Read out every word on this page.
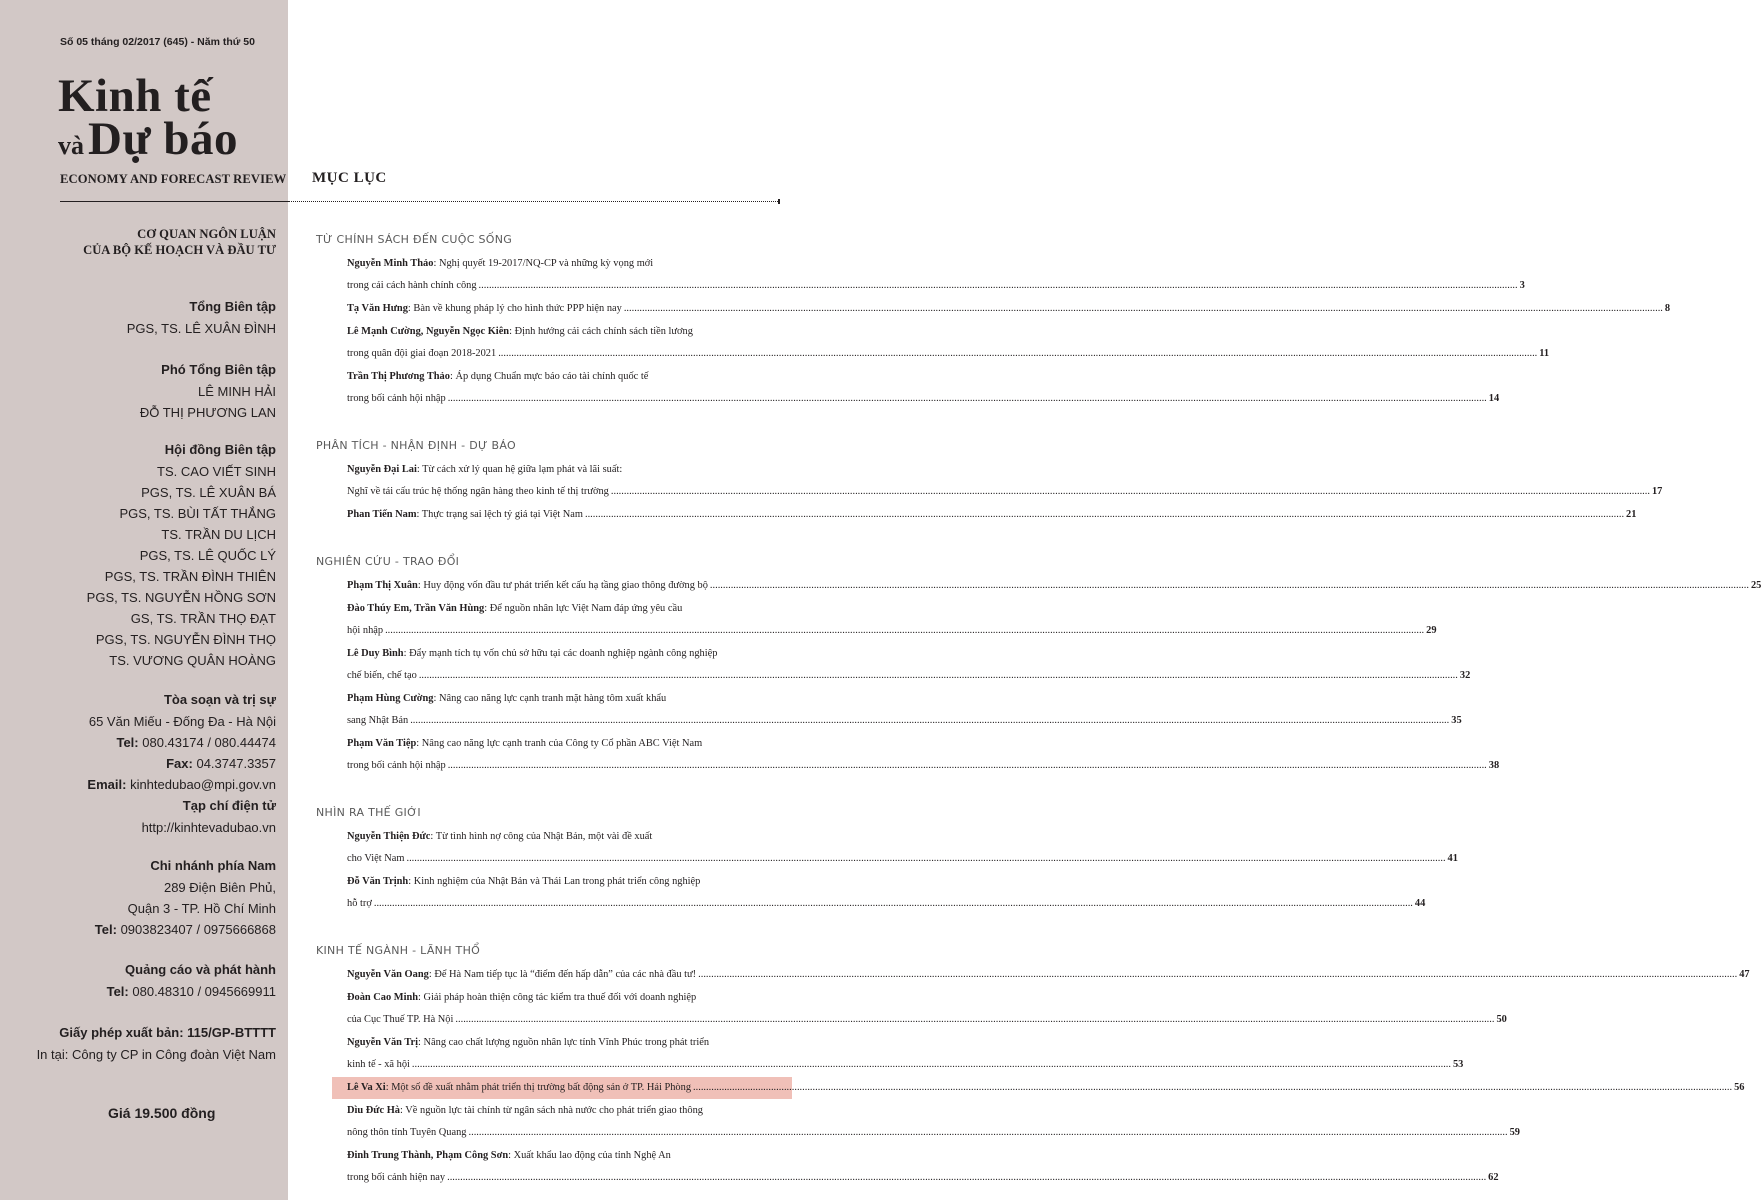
Số 05 tháng 02/2017 (645) - Năm thứ 50
Kinh tế
và Dự báo
ECONOMY AND FORECAST REVIEW
CƠ QUAN NGÔN LUẬN
CỦA BỘ KẾ HOẠCH VÀ ĐẦU TƯ
Tổng Biên tập
PGS, TS. LÊ XUÂN ĐÌNH
Phó Tổng Biên tập
LÊ MINH HẢI
ĐỖ THỊ PHƯƠNG LAN
Hội đồng Biên tập
TS. CAO VIẾT SINH
PGS, TS. LÊ XUÂN BÁ
PGS, TS. BÙI TẤT THẮNG
TS. TRẦN DU LỊCH
PGS, TS. LÊ QUỐC LÝ
PGS, TS. TRẦN ĐÌNH THIÊN
PGS, TS. NGUYỄN HỒNG SƠN
GS, TS. TRẦN THỌ ĐẠT
PGS, TS. NGUYỄN ĐÌNH THỌ
TS. VƯƠNG QUÂN HOÀNG
Tòa soạn và trị sự
65 Văn Miếu - Đống Đa - Hà Nội
Tel: 080.43174 / 080.44474
Fax: 04.3747.3357
Email: kinhtedubao@mpi.gov.vn
Tạp chí điện tử
http://kinhtevadubao.vn
Chi nhánh phía Nam
289 Điện Biên Phủ,
Quận 3 - TP. Hồ Chí Minh
Tel: 0903823407 / 0975666868
Quảng cáo và phát hành
Tel: 080.48310 / 0945669911
Giấy phép xuất bản: 115/GP-BTTTT
In tại: Công ty CP in Công đoàn Việt Nam
Giá 19.500 đồng
MỤC LỤC
TỪ CHÍNH SÁCH ĐẾN CUỘC SỐNG
Nguyễn Minh Thảo: Nghị quyết 19-2017/NQ-CP và những kỳ vọng mới
trong cải cách hành chính công ................................................................................................................................................................................................................................................................................................................................................................................................................ 3
Tạ Văn Hưng: Bàn về khung pháp lý cho hình thức PPP hiện nay ................................................................................................................................................................................................................................................................................................................................................................................................................ 8
Lê Mạnh Cường, Nguyễn Ngọc Kiên: Định hướng cải cách chính sách tiền lương
trong quân đội giai đoạn 2018-2021 ................................................................................................................................................................................................................................................................................................................................................................................................................ 11
Trần Thị Phương Thảo: Áp dụng Chuẩn mực báo cáo tài chính quốc tế
trong bối cảnh hội nhập ................................................................................................................................................................................................................................................................................................................................................................................................................ 14
PHÂN TÍCH - NHẬN ĐỊNH - DỰ BÁO
Nguyễn Đại Lai: Từ cách xử lý quan hệ giữa lạm phát và lãi suất:
Nghĩ về tái cấu trúc hệ thống ngân hàng theo kinh tế thị trường ................................................................................................................................................................................................................................................................................................................................................................................................................ 17
Phan Tiến Nam: Thực trạng sai lệch tỷ giá tại Việt Nam ................................................................................................................................................................................................................................................................................................................................................................................................................ 21
NGHIÊN CỨU - TRAO ĐỔI
Phạm Thị Xuân: Huy động vốn đầu tư phát triển kết cấu hạ tầng giao thông đường bộ ................................................................................................................................................................................................................................................................................................................................................................................................................ 25
Đào Thúy Em, Trần Văn Hùng: Để nguồn nhân lực Việt Nam đáp ứng yêu cầu
hội nhập ................................................................................................................................................................................................................................................................................................................................................................................................................ 29
Lê Duy Bình: Đẩy mạnh tích tụ vốn chủ sở hữu tại các doanh nghiệp ngành công nghiệp
chế biến, chế tạo ................................................................................................................................................................................................................................................................................................................................................................................................................ 32
Phạm Hùng Cường: Nâng cao năng lực cạnh tranh mặt hàng tôm xuất khẩu
sang Nhật Bản ................................................................................................................................................................................................................................................................................................................................................................................................................ 35
Phạm Văn Tiệp: Nâng cao năng lực cạnh tranh của Công ty Cổ phần ABC Việt Nam
trong bối cảnh hội nhập ................................................................................................................................................................................................................................................................................................................................................................................................................ 38
NHÌN RA THẾ GIỚI
Nguyễn Thiện Đức: Từ tình hình nợ công của Nhật Bản, một vài đề xuất
cho Việt Nam ................................................................................................................................................................................................................................................................................................................................................................................................................ 41
Đỗ Văn Trịnh: Kinh nghiệm của Nhật Bản và Thái Lan trong phát triển công nghiệp
hỗ trợ ................................................................................................................................................................................................................................................................................................................................................................................................................ 44
KINH TẾ NGÀNH - LÃNH THỔ
Nguyễn Văn Oang: Để Hà Nam tiếp tục là “điểm đến hấp dẫn” của các nhà đầu tư! ................................................................................................................................................................................................................................................................................................................................................................................................................ 47
Đoàn Cao Minh: Giải pháp hoàn thiện công tác kiểm tra thuế đối với doanh nghiệp
của Cục Thuế TP. Hà Nội ................................................................................................................................................................................................................................................................................................................................................................................................................ 50
Nguyễn Văn Trị: Nâng cao chất lượng nguồn nhân lực tỉnh Vĩnh Phúc trong phát triển
kinh tế - xã hội ................................................................................................................................................................................................................................................................................................................................................................................................................ 53
Lê Va Xi: Một số đề xuất nhằm phát triển thị trường bất động sản ở TP. Hải Phòng ................................................................................................................................................................................................................................................................................................................................................................................................................ 56
Dìu Đức Hà: Về nguồn lực tài chính từ ngân sách nhà nước cho phát triển giao thông
nông thôn tỉnh Tuyên Quang ................................................................................................................................................................................................................................................................................................................................................................................................................ 59
Đinh Trung Thành, Phạm Công Sơn: Xuất khẩu lao động của tỉnh Nghệ An
trong bối cảnh hiện nay ................................................................................................................................................................................................................................................................................................................................................................................................................ 62
